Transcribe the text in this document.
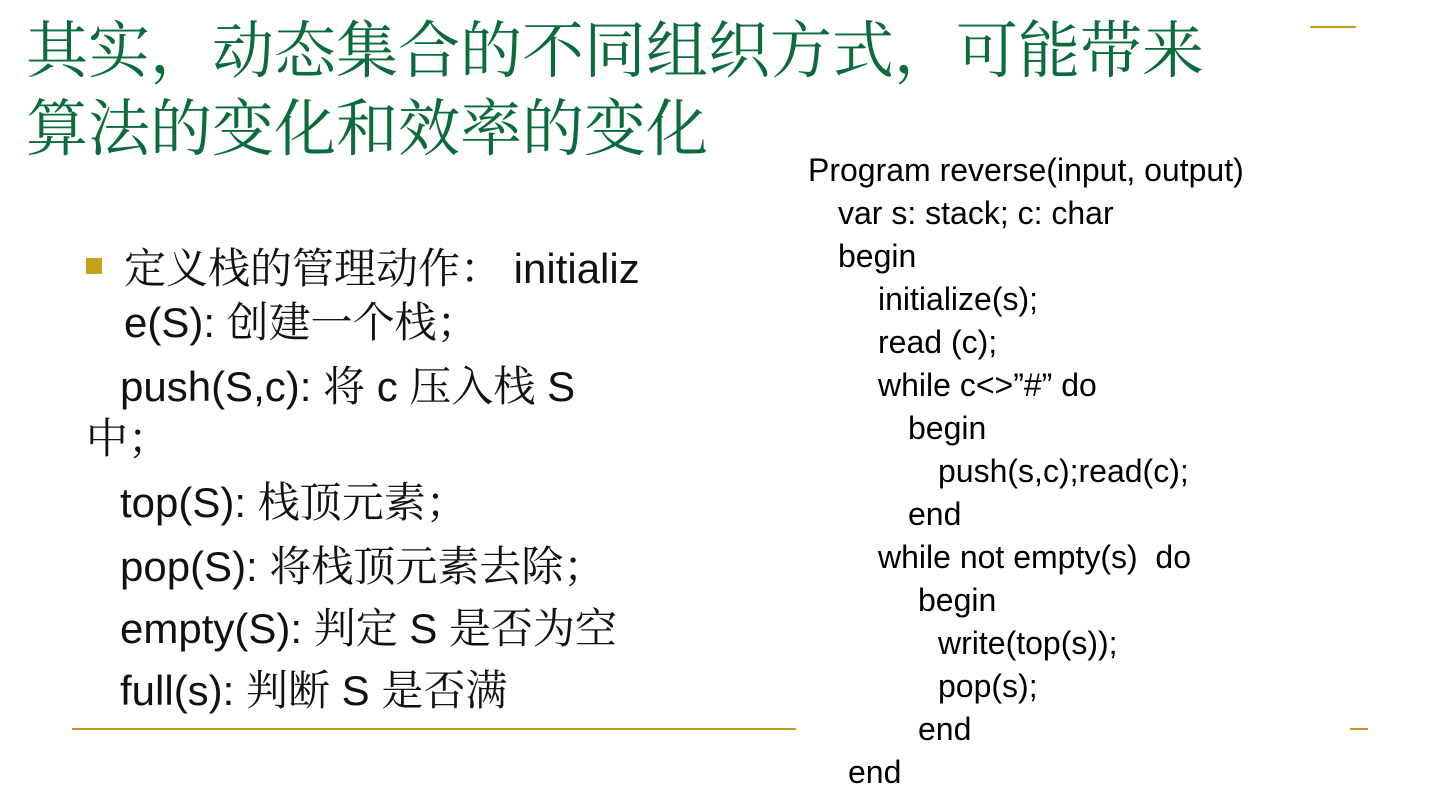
其实，动态集合的不同组织方式，可能带来
算法的变化和效率的变化

定义栈的管理动作： initializ

e(S): 创建一个栈；

push(S,c): 将 c 压入栈 S

中；

top(S): 栈顶元素；

pop(S): 将栈顶元素去除；

empty(S): 判定 S 是否为空

full(s): 判断 S 是否满

Program reverse(input, output)

var s: stack; c: char

begin

initialize(s);

read (c);

while c<>”#” do

begin

push(s,c);read(c);

end

while not empty(s)  do

begin

write(top(s));

pop(s);

end

end
